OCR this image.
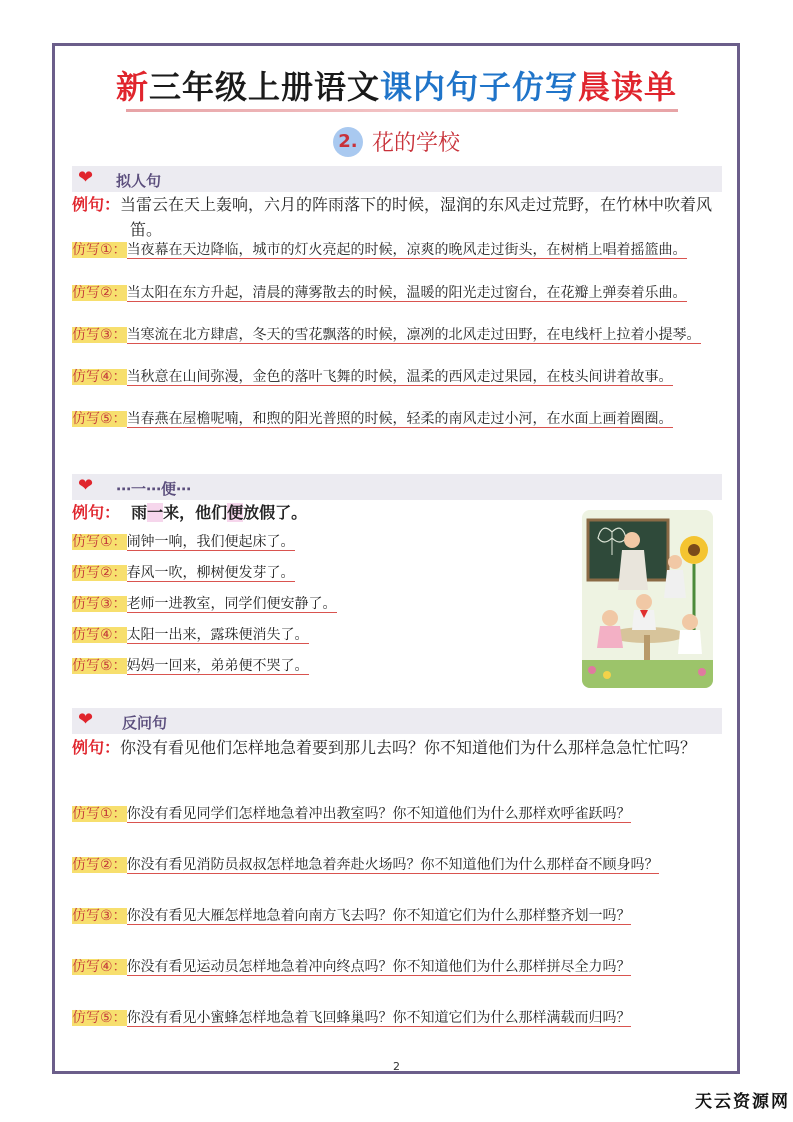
新三年级上册语文课内句子仿写晨读单
2. 花的学校
❤ 拟人句
例句：当雷云在天上轰响，六月的阵雨落下的时候，湿润的东风走过荒野，在竹林中吹着风笛。
仿写①：当夜幕在天边降临，城市的灯火亮起的时候，凉爽的晚风走过街头，在树梢上唱着摇篮曲。
仿写②：当太阳在东方升起，清晨的薄雾散去的时候，温暖的阳光走过窗台，在花瓣上弹奏着乐曲。
仿写③：当寒流在北方肆虐，冬天的雪花飘落的时候，凛冽的北风走过田野，在电线杆上拉着小提琴。
仿写④：当秋意在山间弥漫，金色的落叶飞舞的时候，温柔的西风走过果园，在枝头间讲着故事。
仿写⑤：当春燕在屋檐呢喃，和煦的阳光普照的时候，轻柔的南风走过小河，在水面上画着圈圈。
❤ ⋯一⋯便⋯
例句： 雨一来，他们便放假了。
仿写①：闹钟一响，我们便起床了。
仿写②：春风一吹，柳树便发芽了。
仿写③：老师一进教室，同学们便安静了。
仿写④：太阳一出来，露珠便消失了。
仿写⑤：妈妈一回来，弟弟便不哭了。
❤ 反问句
例句：你没有看见他们怎样地急着要到那儿去吗？你不知道他们为什么那样急急忙忙吗？
仿写①：你没有看见同学们怎样地急着冲出教室吗？你不知道他们为什么那样欢呼雀跃吗？
仿写②：你没有看见消防员叔叔怎样地急着奔赴火场吗？你不知道他们为什么那样奋不顾身吗？
仿写③：你没有看见大雁怎样地急着向南方飞去吗？你不知道它们为什么那样整齐划一吗？
仿写④：你没有看见运动员怎样地急着冲向终点吗？你不知道他们为什么那样拼尽全力吗？
仿写⑤：你没有看见小蜜蜂怎样地急着飞回蜂巢吗？你不知道它们为什么那样满载而归吗？
2
天云资源网
